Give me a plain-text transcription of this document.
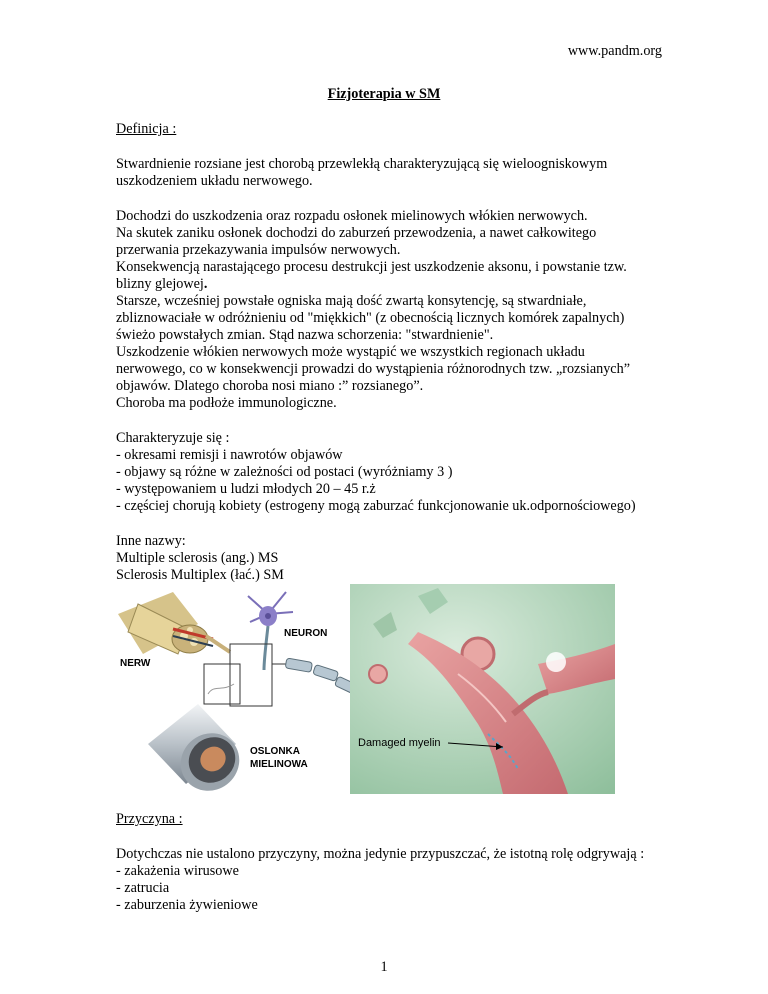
www.pandm.org
Fizjoterapia w SM
Definicja :
Stwardnienie rozsiane jest chorobą przewlekłą charakteryzującą się wieloogniskowym
uszkodzeniem układu nerwowego.
Dochodzi do uszkodzenia oraz rozpadu osłonek mielinowych włókien nerwowych.
Na skutek zaniku osłonek dochodzi do zaburzeń przewodzenia, a nawet całkowitego
przerwania przekazywania impulsów nerwowych.
Konsekwencją narastającego procesu destrukcji jest uszkodzenie aksonu, i powstanie tzw.
blizny glejowej.
Starsze, wcześniej powstałe ogniska mają dość zwartą konsytencję, są stwardniałe,
zbliznowaciałe w odróżnieniu od "miękkich" (z obecnością licznych komórek zapalnych)
świeżo powstałych zmian. Stąd nazwa schorzenia: "stwardnienie".
Uszkodzenie włókien nerwowych może wystąpić we wszystkich regionach układu
nerwowego, co w konsekwencji prowadzi do wystąpienia różnorodnych tzw. „rozsianych”
objawów. Dlatego choroba nosi miano :” rozsianego”.
Choroba ma podłoże immunologiczne.
Charakteryzuje się :
- okresami remisji i nawrotów objawów
- objawy są różne w zależności od postaci (wyróżniamy 3 )
- występowaniem u ludzi młodych 20 – 45 r.ż
- częściej chorują kobiety (estrogeny mogą zaburzać funkcjonowanie uk.odpornościowego)
Inne nazwy:
Multiple sclerosis (ang.) MS
Sclerosis Multiplex (łać.) SM
NERW
NEURON
OSLONKA
MIELINOWA
Damaged myelin
Przyczyna :
Dotychczas nie ustalono przyczyny, można jedynie przypuszczać, że istotną rolę odgrywają :
- zakażenia wirusowe
- zatrucia
- zaburzenia żywieniowe
1
